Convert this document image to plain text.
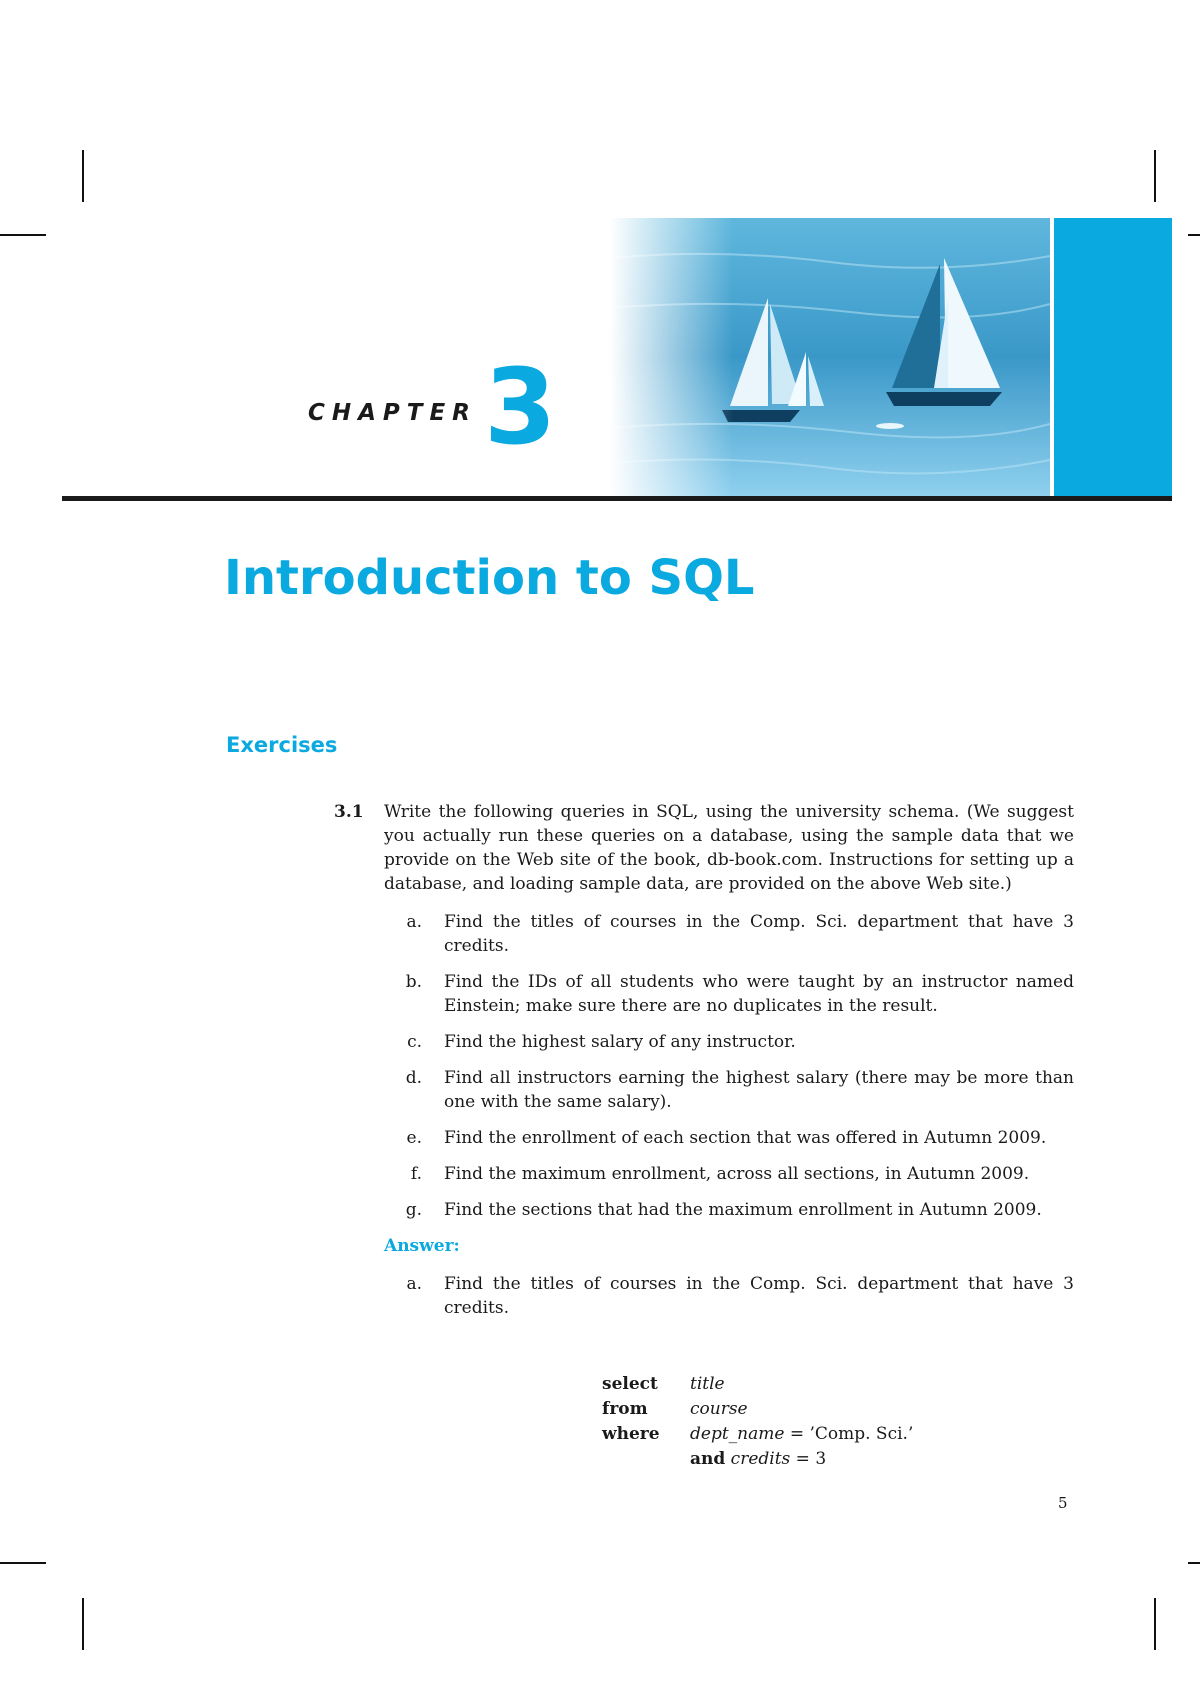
CHAPTER 3
Introduction to SQL
Exercises
3.1 Write the following queries in SQL, using the university schema. (We suggest you actually run these queries on a database, using the sample data that we provide on the Web site of the book, db-book.com. Instructions for setting up a database, and loading sample data, are provided on the above Web site.)
a. Find the titles of courses in the Comp. Sci. department that have 3 credits.
b. Find the IDs of all students who were taught by an instructor named Einstein; make sure there are no duplicates in the result.
c. Find the highest salary of any instructor.
d. Find all instructors earning the highest salary (there may be more than one with the same salary).
e. Find the enrollment of each section that was offered in Autumn 2009.
f. Find the maximum enrollment, across all sections, in Autumn 2009.
g. Find the sections that had the maximum enrollment in Autumn 2009.
Answer:
a. Find the titles of courses in the Comp. Sci. department that have 3 credits.
select	title
from	course
where	dept_name = ’Comp. Sci.’
	and credits = 3
5
